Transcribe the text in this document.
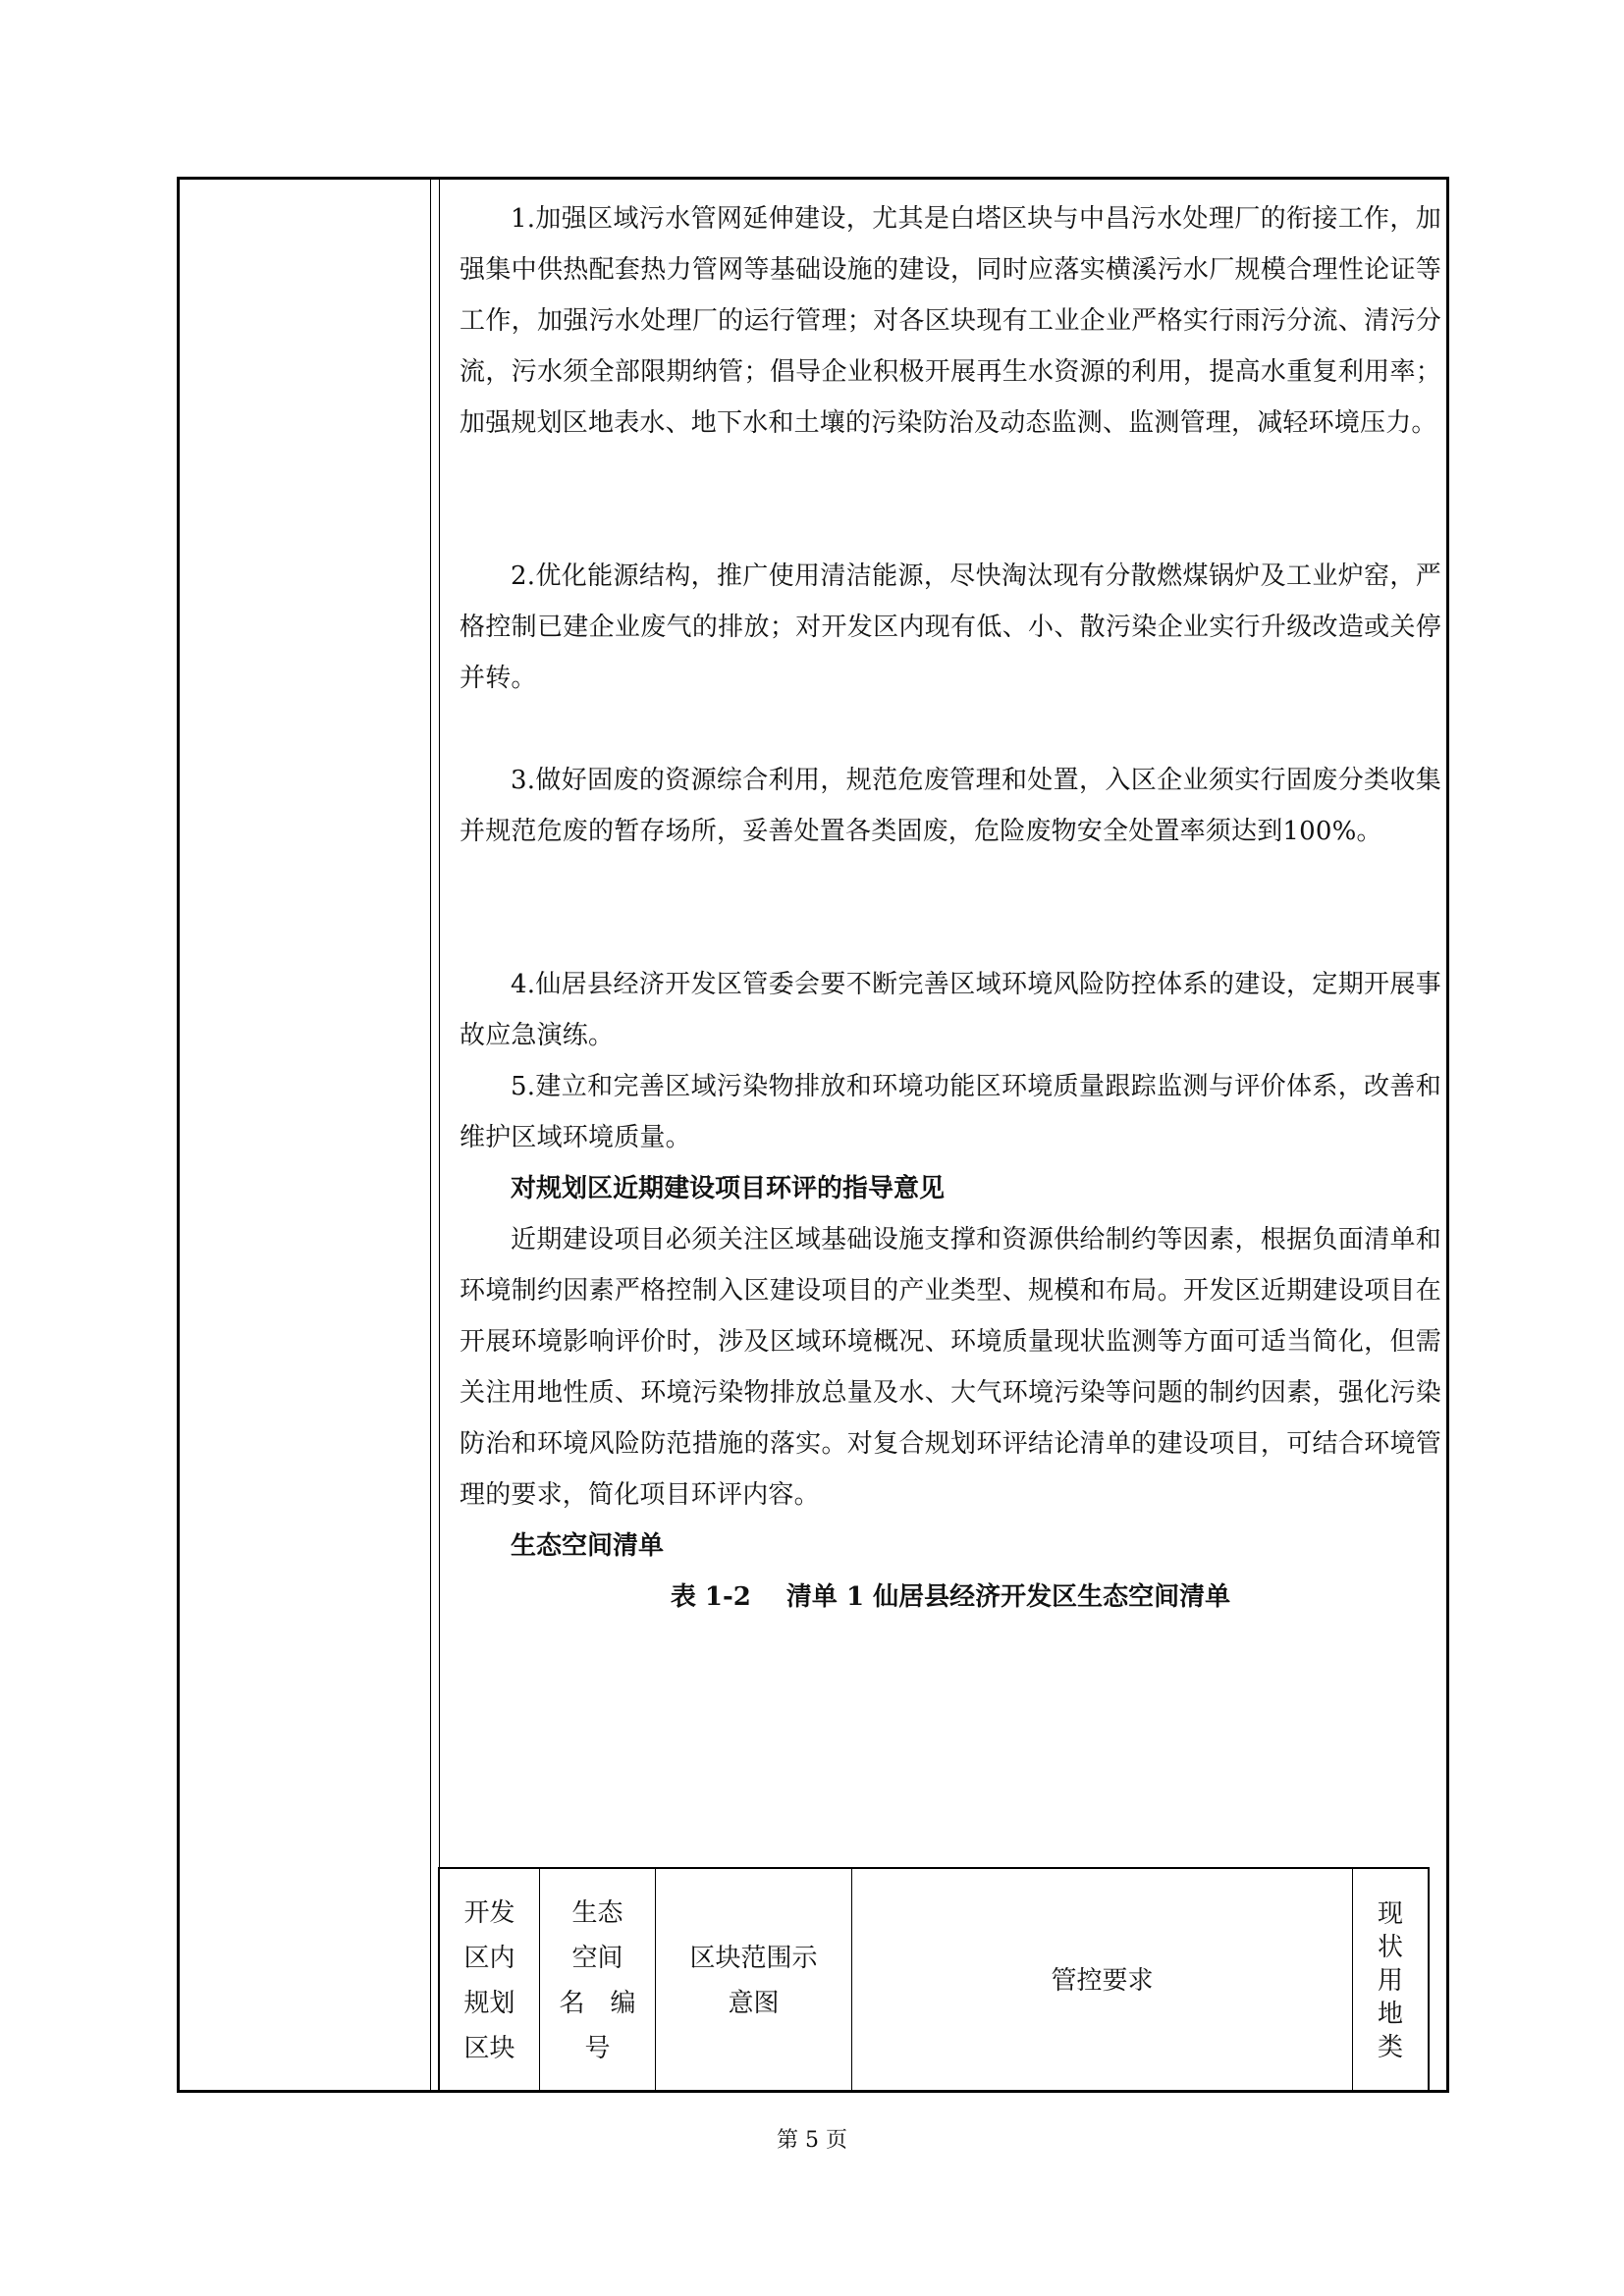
1.加强区域污水管网延伸建设，尤其是白塔区块与中昌污水处理厂的衔接工作，加强集中供热配套热力管网等基础设施的建设，同时应落实横溪污水厂规模合理性论证等工作，加强污水处理厂的运行管理；对各区块现有工业企业严格实行雨污分流、清污分流，污水须全部限期纳管；倡导企业积极开展再生水资源的利用，提高水重复利用率；加强规划区地表水、地下水和土壤的污染防治及动态监测、监测管理，减轻环境压力。

2.优化能源结构，推广使用清洁能源，尽快淘汰现有分散燃煤锅炉及工业炉窑，严格控制已建企业废气的排放；对开发区内现有低、小、散污染企业实行升级改造或关停并转。

3.做好固废的资源综合利用，规范危废管理和处置，入区企业须实行固废分类收集并规范危废的暂存场所，妥善处置各类固废，危险废物安全处置率须达到100%。

4.仙居县经济开发区管委会要不断完善区域环境风险防控体系的建设，定期开展事故应急演练。

5.建立和完善区域污染物排放和环境功能区环境质量跟踪监测与评价体系，改善和维护区域环境质量。

对规划区近期建设项目环评的指导意见

近期建设项目必须关注区域基础设施支撑和资源供给制约等因素，根据负面清单和环境制约因素严格控制入区建设项目的产业类型、规模和布局。开发区近期建设项目在开展环境影响评价时，涉及区域环境概况、环境质量现状监测等方面可适当简化，但需关注用地性质、环境污染物排放总量及水、大气环境污染等问题的制约因素，强化污染防治和环境风险防范措施的落实。对复合规划环评结论清单的建设项目，可结合环境管理的要求，简化项目环评内容。

生态空间清单
表 1-2 清单 1 仙居县经济开发区生态空间清单
开发
区内
规划
区块
生态
空间
名　编
号
区块范围示
意图
管控要求
现
状
用
地
类
第 5 页
